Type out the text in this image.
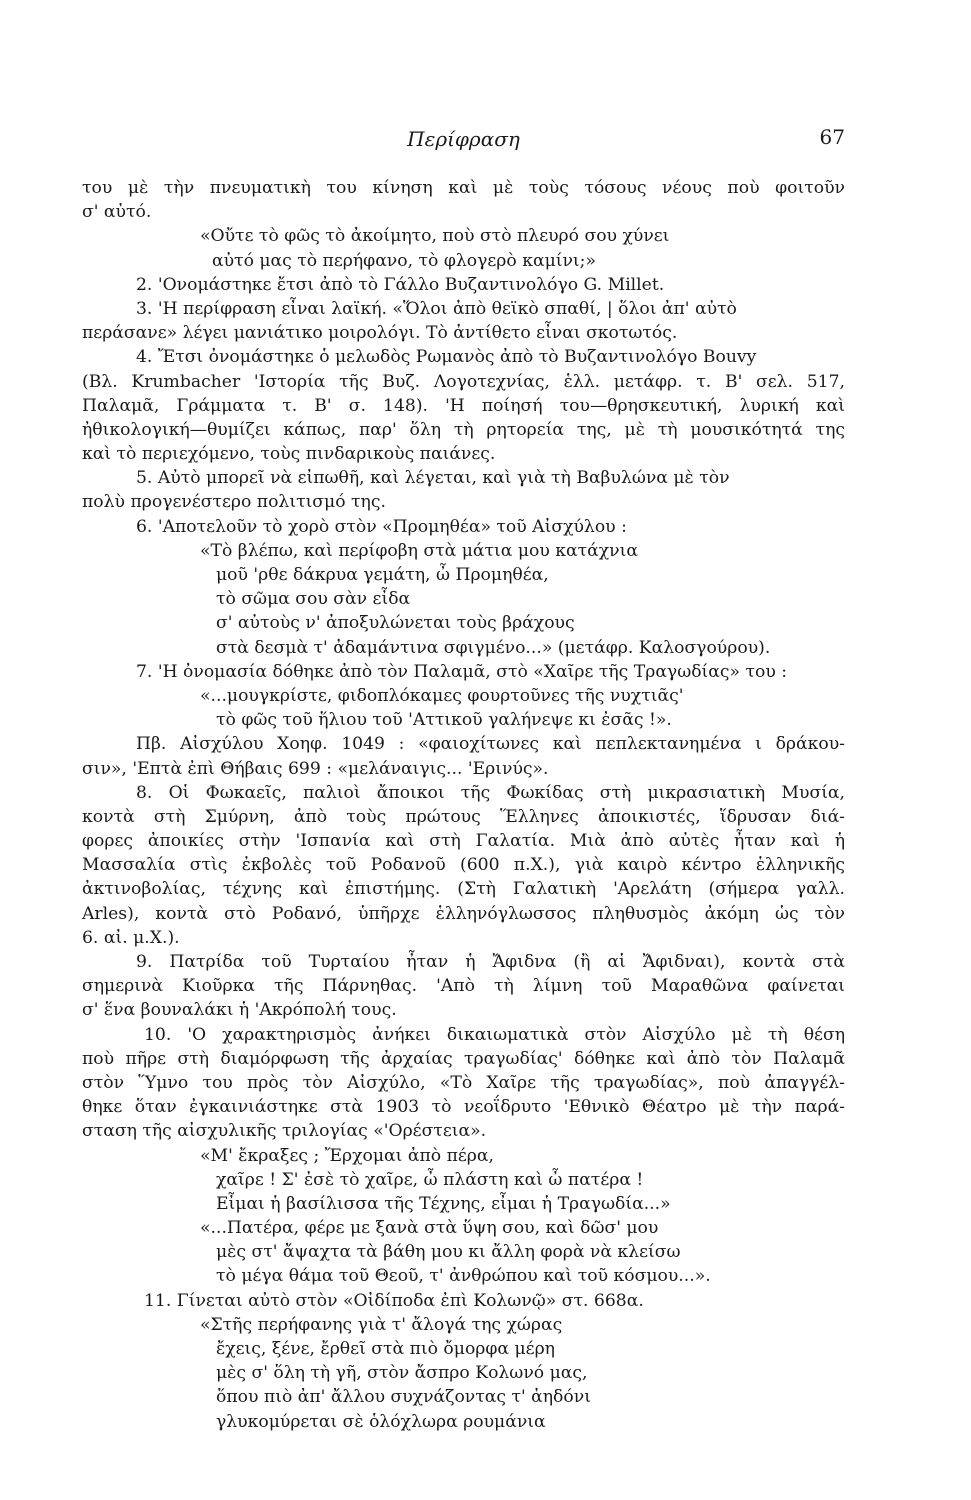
Περίφραση	67
του μὲ τὴν πνευματικὴ του κίνηση καὶ μὲ τοὺς τόσους νέους ποὺ φοιτοῦν
σ' αὐτό.
«Οὔτε τὸ φῶς τὸ ἀκοίμητο, ποὺ στὸ πλευρό σου χύνει
αὐτό μας τὸ περήφανο, τὸ φλογερὸ καμίνι;»
2. 'Ονομάστηκε ἔτσι ἀπὸ τὸ Γάλλο Βυζαντινολόγο G. Millet.
3. 'Η περίφραση εἶναι λαϊκή. «Ὅλοι ἀπὸ θεϊκὸ σπαθί, | ὅλοι ἀπ' αὐτὸ
περάσανε» λέγει μανιάτικο μοιρολόγι. Τὸ ἀντίθετο εἶναι σκοτωτός.
4. Ἔτσι ὀνομάστηκε ὁ μελωδὸς Ρωμανὸς ἀπὸ τὸ Βυζαντινολόγο Bouvy
(Βλ. Krumbacher 'Ιστορία τῆς Βυζ. Λογοτεχνίας, ἑλλ. μετάφρ. τ. Β' σελ. 517,
Παλαμᾶ, Γράμματα τ. Β' σ. 148). 'Η ποίησή του—θρησκευτική, λυρική καὶ
ἠθικολογική—θυμίζει κάπως, παρ' ὅλη τὴ ρητορεία της, μὲ τὴ μουσικότητά της
καὶ τὸ περιεχόμενο, τοὺς πινδαρικοὺς παιάνες.
5. Αὐτὸ μπορεῖ νὰ εἰπωθῆ, καὶ λέγεται, καὶ γιὰ τὴ Βαβυλώνα μὲ τὸν
πολὺ προγενέστερο πολιτισμό της.
6. 'Αποτελοῦν τὸ χορὸ στὸν «Προμηθέα» τοῦ Αἰσχύλου :
«Τὸ βλέπω, καὶ περίφοβη στὰ μάτια μου κατάχνια
μοῦ 'ρθε δάκρυα γεμάτη, ὦ Προμηθέα,
τὸ σῶμα σου σὰν εἶδα
σ' αὐτοὺς ν' ἀποξυλώνεται τοὺς βράχους
στὰ δεσμὰ τ' ἀδαμάντινα σφιγμένο...» (μετάφρ. Καλοσγούρου).
7. 'Η ὀνομασία δόθηκε ἀπὸ τὸν Παλαμᾶ, στὸ «Χαῖρε τῆς Τραγωδίας» του :
«...μουγκρίστε, φιδοπλόκαμες φουρτοῦνες τῆς νυχτιᾶς'
τὸ φῶς τοῦ ἥλιου τοῦ 'Αττικοῦ γαλήνεψε κι ἐσᾶς !».
Πβ. Αἰσχύλου Χοηφ. 1049 : «φαιοχίτωνες καὶ πεπλεκτανημένα ι δράκου-
σιν», 'Επτὰ ἐπὶ Θήβαις 699 : «μελάναιγις... 'Ερινύς».
8. Οἱ Φωκαεῖς, παλιοὶ ἄποικοι τῆς Φωκίδας στὴ μικρασιατικὴ Μυσία,
κοντὰ στὴ Σμύρνη, ἀπὸ τοὺς πρώτους Ἕλληνες ἀποικιστές, ἵδρυσαν διά-
φορες ἀποικίες στὴν 'Ισπανία καὶ στὴ Γαλατία. Μιὰ ἀπὸ αὐτὲς ἦταν καὶ ἡ
Μασσαλία στὶς ἐκβολὲς τοῦ Ροδανοῦ (600 π.Χ.), γιὰ καιρὸ κέντρο ἑλληνικῆς
ἀκτινοβολίας, τέχνης καὶ ἐπιστήμης. (Στὴ Γαλατικὴ 'Αρελάτη (σήμερα γαλλ.
Arles), κοντὰ στὸ Ροδανό, ὑπῆρχε ἑλληνόγλωσσος πληθυσμὸς ἀκόμη ὡς τὸν
6. αἰ. μ.Χ.).
9. Πατρίδα τοῦ Τυρταίου ἦταν ἡ Ἄφιδνα (ἢ αἱ Ἄφιδναι), κοντὰ στὰ
σημερινὰ Κιοῦρκα τῆς Πάρνηθας. 'Απὸ τὴ λίμνη τοῦ Μαραθῶνα φαίνεται
σ' ἕνα βουναλάκι ἡ 'Ακρόπολή τους.
10. 'Ο χαρακτηρισμὸς ἀνήκει δικαιωματικὰ στὸν Αἰσχύλο μὲ τὴ θέση
ποὺ πῆρε στὴ διαμόρφωση τῆς ἀρχαίας τραγωδίας' δόθηκε καὶ ἀπὸ τὸν Παλαμᾶ
στὸν Ὕμνο του πρὸς τὸν Αἰσχύλο, «Τὸ Χαῖρε τῆς τραγωδίας», ποὺ ἀπαγγέλ-
θηκε ὅταν ἐγκαινιάστηκε στὰ 1903 τὸ νεοΐδρυτο 'Εθνικὸ Θέατρο μὲ τὴν παρά-
σταση τῆς αἰσχυλικῆς τριλογίας «'Ορέστεια».
«Μ' ἔκραξες ; Ἔρχομαι ἀπὸ πέρα,
χαῖρε ! Σ' ἐσὲ τὸ χαῖρε, ὦ πλάστη καὶ ὦ πατέρα !
Εἶμαι ἡ βασίλισσα τῆς Τέχνης, εἶμαι ἡ Τραγωδία...»
«...Πατέρα, φέρε με ξανὰ στὰ ὕψη σου, καὶ δῶσ' μου
μὲς στ' ἄψαχτα τὰ βάθη μου κι ἄλλη φορὰ νὰ κλείσω
τὸ μέγα θάμα τοῦ Θεοῦ, τ' ἀνθρώπου καὶ τοῦ κόσμου...».
11. Γίνεται αὐτὸ στὸν «Οἰδίποδα ἐπὶ Κολωνῷ» στ. 668α.
«Στῆς περήφανης γιὰ τ' ἄλογά της χώρας
ἔχεις, ξένε, ἔρθεῖ στὰ πιὸ ὄμορφα μέρη
μὲς σ' ὅλη τὴ γῆ, στὸν ἄσπρο Κολωνό μας,
ὅπου πιὸ ἀπ' ἄλλου συχνάζοντας τ' ἀηδόνι
γλυκομύρεται σὲ ὁλόχλωρα ρουμάνια
